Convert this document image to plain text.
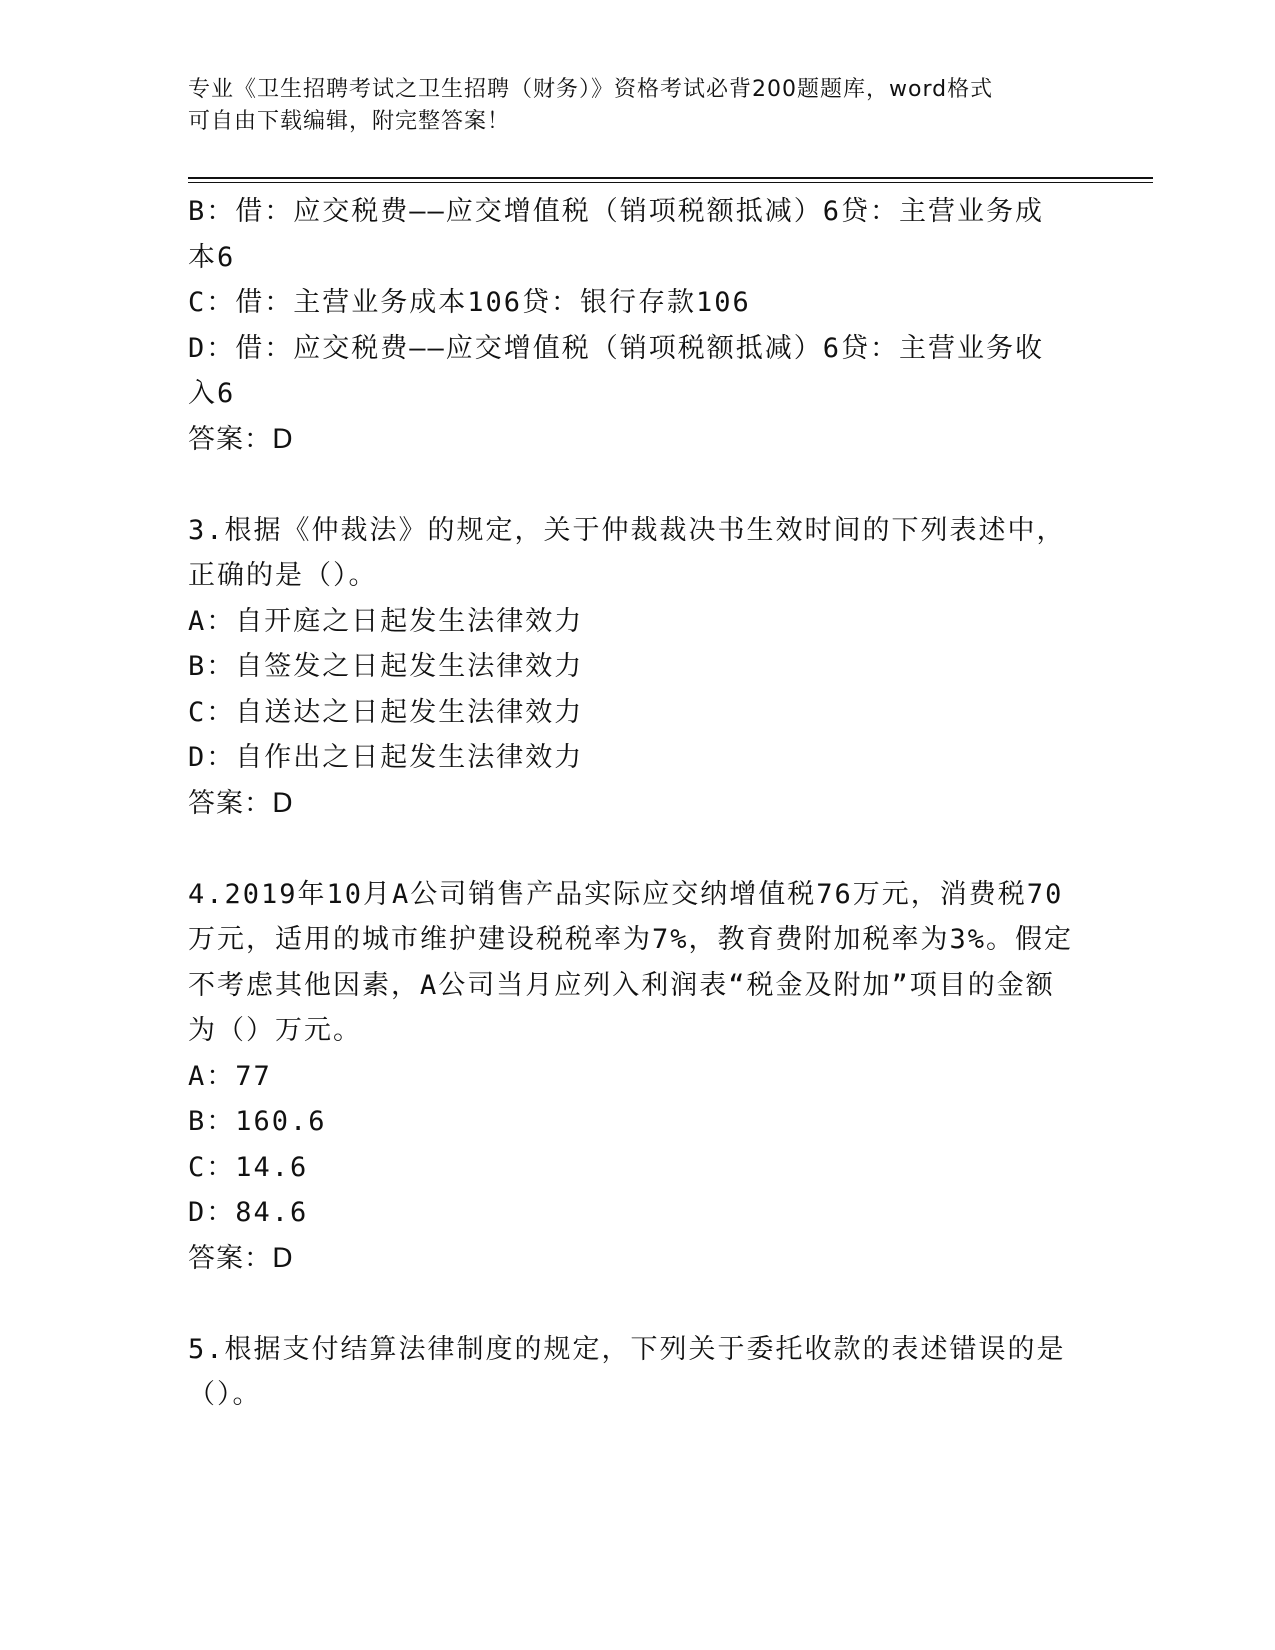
专业《卫生招聘考试之卫生招聘（财务）》资格考试必背200题题库，word格式
可自由下载编辑，附完整答案！
B：借：应交税费——应交增值税（销项税额抵减）6贷：主营业务成
本6
C：借：主营业务成本106贷：银行存款106
D：借：应交税费——应交增值税（销项税额抵减）6贷：主营业务收
入6
答案：D
3.根据《仲裁法》的规定，关于仲裁裁决书生效时间的下列表述中，
正确的是（）。
A：自开庭之日起发生法律效力
B：自签发之日起发生法律效力
C：自送达之日起发生法律效力
D：自作出之日起发生法律效力
答案：D
4.2019年10月A公司销售产品实际应交纳增值税76万元，消费税70
万元，适用的城市维护建设税税率为7%，教育费附加税率为3%。假定
不考虑其他因素，A公司当月应列入利润表“税金及附加”项目的金额
为（）万元。
A：77
B：160.6
C：14.6
D：84.6
答案：D
5.根据支付结算法律制度的规定，下列关于委托收款的表述错误的是
（）。
